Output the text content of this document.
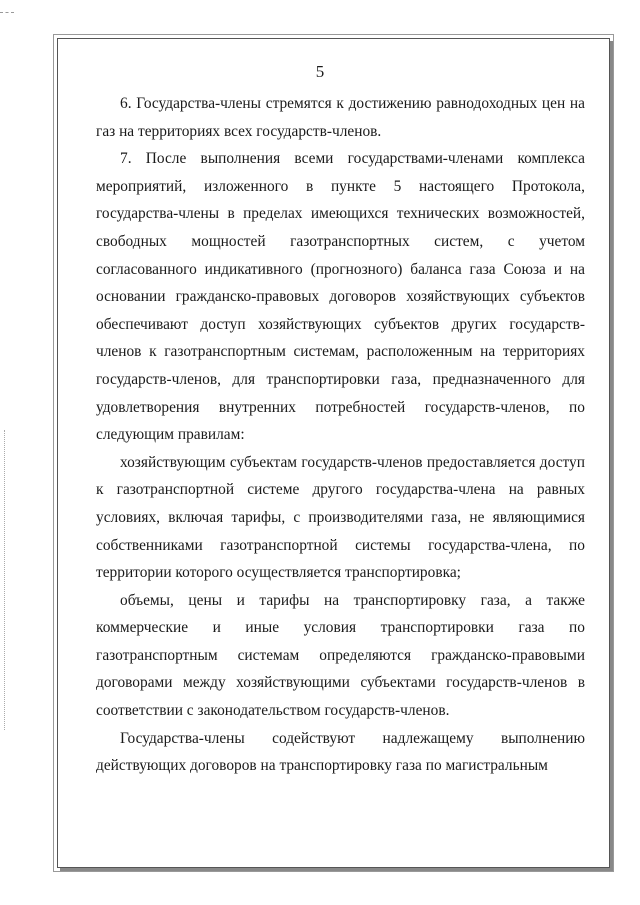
5

6. Государства-члены стремятся к достижению равнодоходных цен на газ на территориях всех государств-членов.

7. После выполнения всеми государствами-членами комплекса мероприятий, изложенного в пункте 5 настоящего Протокола, государства-члены в пределах имеющихся технических возможностей, свободных мощностей газотранспортных систем, с учетом согласованного индикативного (прогнозного) баланса газа Союза и на основании гражданско-правовых договоров хозяйствующих субъектов обеспечивают доступ хозяйствующих субъектов других государств-членов к газотранспортным системам, расположенным на территориях государств-членов, для транспортировки газа, предназначенного для удовлетворения внутренних потребностей государств-членов, по следующим правилам:

хозяйствующим субъектам государств-членов предоставляется доступ к газотранспортной системе другого государства-члена на равных условиях, включая тарифы, с производителями газа, не являющимися собственниками газотранспортной системы государства-члена, по территории которого осуществляется транспортировка;

объемы, цены и тарифы на транспортировку газа, а также коммерческие и иные условия транспортировки газа по газотранспортным системам определяются гражданско-правовыми договорами между хозяйствующими субъектами государств-членов в соответствии с законодательством государств-членов.

Государства-члены содействуют надлежащему выполнению действующих договоров на транспортировку газа по магистральным
